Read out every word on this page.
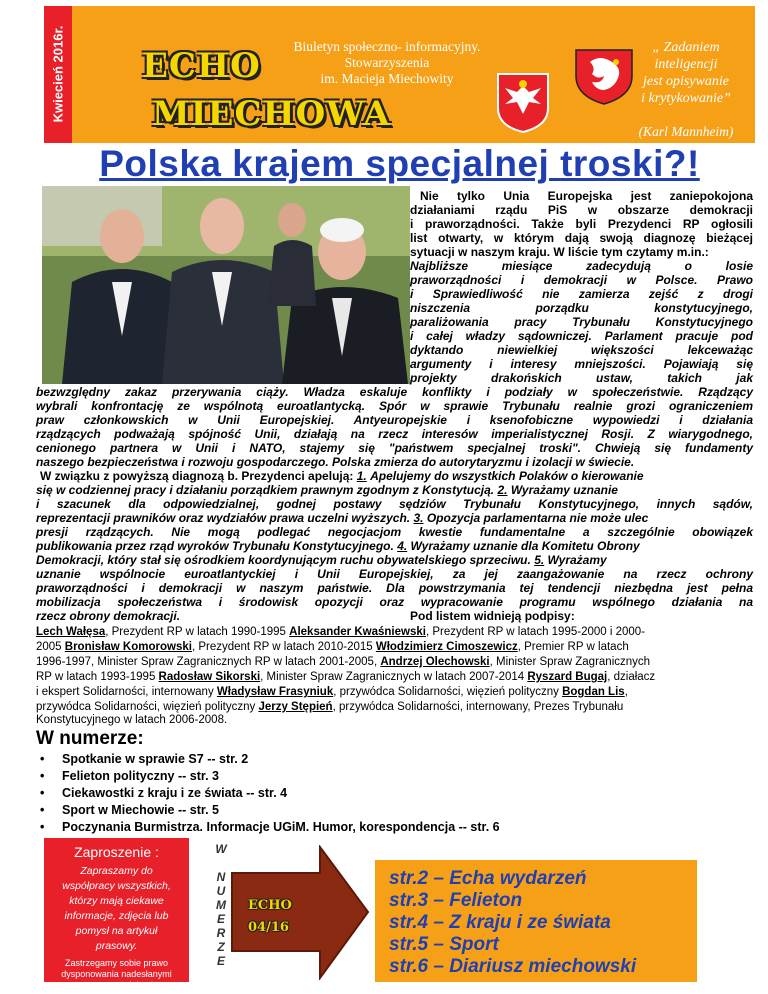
Kwiecień 2016r. ECHO
MIECHOWA
Biuletyn społeczno- informacyjny.
Stowarzyszenia
im. Macieja Miechowity
„ Zadaniem
inteligencji
jest opisywanie
i krytykowanie”
(Karl Mannheim)
Polska krajem specjalnej troski?!
Nie tylko Unia Europejska jest zaniepokojona
działaniami rządu PiS w obszarze demokracji
i praworządności. Także byli Prezydenci RP ogłosili
list otwarty, w którym dają swoją diagnozę bieżącej
sytuacji w naszym kraju. W liście tym czytamy m.in.:
Najbliższe miesiące zadecydują o losie
praworządności i demokracji w Polsce. Prawo
i Sprawiedliwość nie zamierza zejść z drogi
niszczenia porządku konstytucyjnego,
paraliżowania pracy Trybunału Konstytucyjnego
i całej władzy sądowniczej. Parlament pracuje pod
dyktando niewielkiej większości lekceważąc
argumenty i interesy mniejszości. Pojawiają się
projekty drakońskich ustaw, takich jak
bezwzględny zakaz przerywania ciąży. Władza eskaluje konflikty i podziały w społeczeństwie. Rządzący
wybrali konfrontację ze wspólnotą euroatlantycką. Spór w sprawie Trybunału realnie grozi ograniczeniem
praw członkowskich w Unii Europejskiej. Antyeuropejskie i ksenofobiczne wypowiedzi i działania
rządzących podważają spójność Unii, działają na rzecz interesów imperialistycznej Rosji. Z wiarygodnego,
cenionego partnera w Unii i NATO, stajemy się "państwem specjalnej troski". Chwieją się fundamenty
naszego bezpieczeństwa i rozwoju gospodarczego. Polska zmierza do autorytaryzmu i izolacji w świecie.
W związku z powyższą diagnozą b. Prezydenci apelują: 1. Apelujemy do wszystkich Polaków o kierowanie
się w codziennej pracy i działaniu porządkiem prawnym zgodnym z Konstytucją. 2. Wyrażamy uznanie
i szacunek dla odpowiedzialnej, godnej postawy sędziów Trybunału Konstytucyjnego, innych sądów,
reprezentacji prawników oraz wydziałów prawa uczelni wyższych. 3. Opozycja parlamentarna nie może ulec
presji rządzących. Nie mogą podlegać negocjacjom kwestie fundamentalne a szczególnie obowiązek
publikowania przez rząd wyroków Trybunału Konstytucyjnego. 4. Wyrażamy uznanie dla Komitetu Obrony
Demokracji, który stał się ośrodkiem koordynującym ruchu obywatelskiego sprzeciwu. 5. Wyrażamy
uznanie wspólnocie euroatlantyckiej i Unii Europejskiej, za jej zaangażowanie na rzecz ochrony
praworządności i demokracji w naszym państwie. Dla powstrzymania tej tendencji niezbędna jest pełna
mobilizacja społeczeństwa i środowisk opozycji oraz wypracowanie programu wspólnego działania na
rzecz obrony demokracji.	Pod listem widnieją podpisy:
Lech Wałęsa, Prezydent RP w latach 1990-1995 Aleksander Kwaśniewski, Prezydent RP w latach 1995-2000 i 2000-
2005 Bronisław Komorowski, Prezydent RP w latach 2010-2015 Włodzimierz Cimoszewicz, Premier RP w latach
1996-1997, Minister Spraw Zagranicznych RP w latach 2001-2005, Andrzej Olechowski, Minister Spraw Zagranicznych
RP w latach 1993-1995 Radosław Sikorski, Minister Spraw Zagranicznych w latach 2007-2014 Ryszard Bugaj, działacz
i ekspert Solidarności, internowany Władysław Frasyniuk, przywódca Solidarności, więzień polityczny Bogdan Lis,
przywódca Solidarności, więzień polityczny Jerzy Stępień, przywódca Solidarności, internowany, Prezes Trybunału
Konstytucyjnego w latach 2006-2008.
W numerze:
• Spotkanie w sprawie S7 -- str. 2
• Felieton polityczny -- str. 3
• Ciekawostki z kraju i ze świata -- str. 4
• Sport w Miechowie -- str. 5
• Poczynania Burmistrza. Informacje UGiM. Humor, korespondencja -- str. 6
Zaproszenie :
Zapraszamy do
współpracy wszystkich,
którzy mają ciekawe
informacje, zdjęcia lub
pomysł na artykuł
prasowy.
Zastrzegamy sobie prawo
dysponowania nadesłanymi
pocztą materiałami.
W
N
U
M
E
R
Z
E
ECHO
04/16
str.2 – Echa wydarzeń
str.3 – Felieton
str.4 – Z kraju i ze świata
str.5 – Sport
str.6 – Diariusz miechowski
